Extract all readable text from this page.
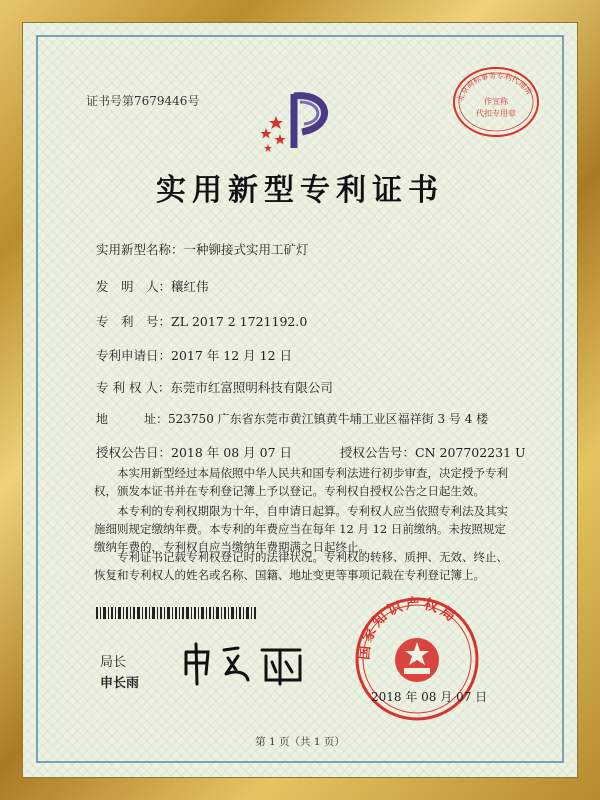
证书号第7679446号	北京商标事务专利代理所
作宣称
代扣专用章
实用新型专利证书
实用新型名称：一种铆接式实用工矿灯
发　明　人：穰红伟
专　利　号：ZL 2017 2 1721192.0
专利申请日：2017 年 12 月 12 日
专 利 权 人：东莞市红富照明科技有限公司
地　　　址：523750 广东省东莞市黄江镇黄牛埔工业区福祥街 3 号 4 楼
授权公告日：2018 年 08 月 07 日	授权公告号：CN 207702231 U
本实用新型经过本局依照中华人民共和国专利法进行初步审查，决定授予专利权，颁发本证书并在专利登记簿上予以登记。专利权自授权公告之日起生效。
本专利的专利权期限为十年，自申请日起算。专利权人应当依照专利法及其实施细则规定缴纳年费。本专利的年费应当在每年 12 月 12 日前缴纳。未按照规定缴纳年费的，专利权自应当缴纳年费期满之日起终止。
专利证书记载专利权登记时的法律状况。专利权的转移、质押、无效、终止、恢复和专利权人的姓名或名称、国籍、地址变更等事项记载在专利登记簿上。
局长
申长雨
国家知识产权局
2018 年 08 月 07 日
第 1 页（共 1 页）
